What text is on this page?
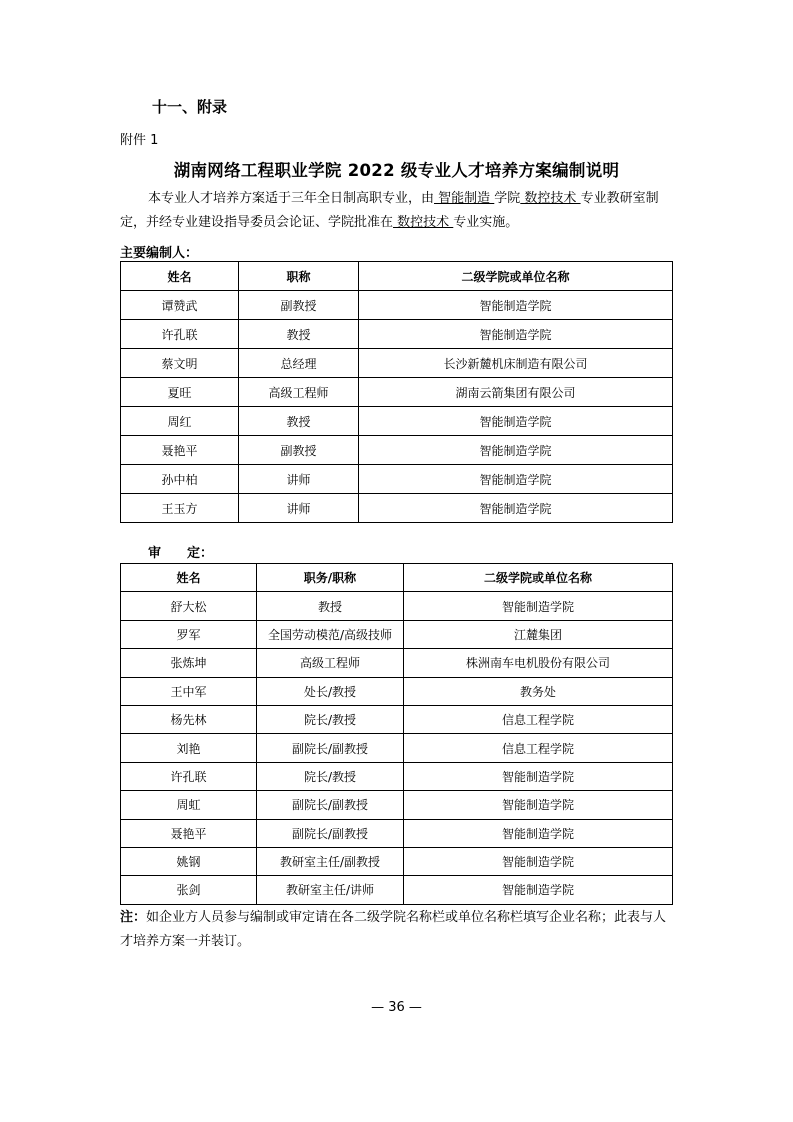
十一、附录
附件 1
湖南网络工程职业学院 2022 级专业人才培养方案编制说明
本专业人才培养方案适于三年全日制高职专业，由 智能制造 学院 数控技术 专业教研室制定，并经专业建设指导委员会论证、学院批准在 数控技术 专业实施。
主要编制人：
姓名	职称	二级学院或单位名称
谭赞武	副教授	智能制造学院
许孔联	教授	智能制造学院
蔡文明	总经理	长沙新麓机床制造有限公司
夏旺	高级工程师	湖南云箭集团有限公司
周红	教授	智能制造学院
聂艳平	副教授	智能制造学院
孙中柏	讲师	智能制造学院
王玉方	讲师	智能制造学院
审　　定：
姓名	职务/职称	二级学院或单位名称
舒大松	教授	智能制造学院
罗军	全国劳动模范/高级技师	江麓集团
张炼坤	高级工程师	株洲南车电机股份有限公司
王中军	处长/教授	教务处
杨先林	院长/教授	信息工程学院
刘艳	副院长/副教授	信息工程学院
许孔联	院长/教授	智能制造学院
周虹	副院长/副教授	智能制造学院
聂艳平	副院长/副教授	智能制造学院
姚钢	教研室主任/副教授	智能制造学院
张剑	教研室主任/讲师	智能制造学院
注：如企业方人员参与编制或审定请在各二级学院名称栏或单位名称栏填写企业名称；此表与人才培养方案一并装订。
— 36 —
